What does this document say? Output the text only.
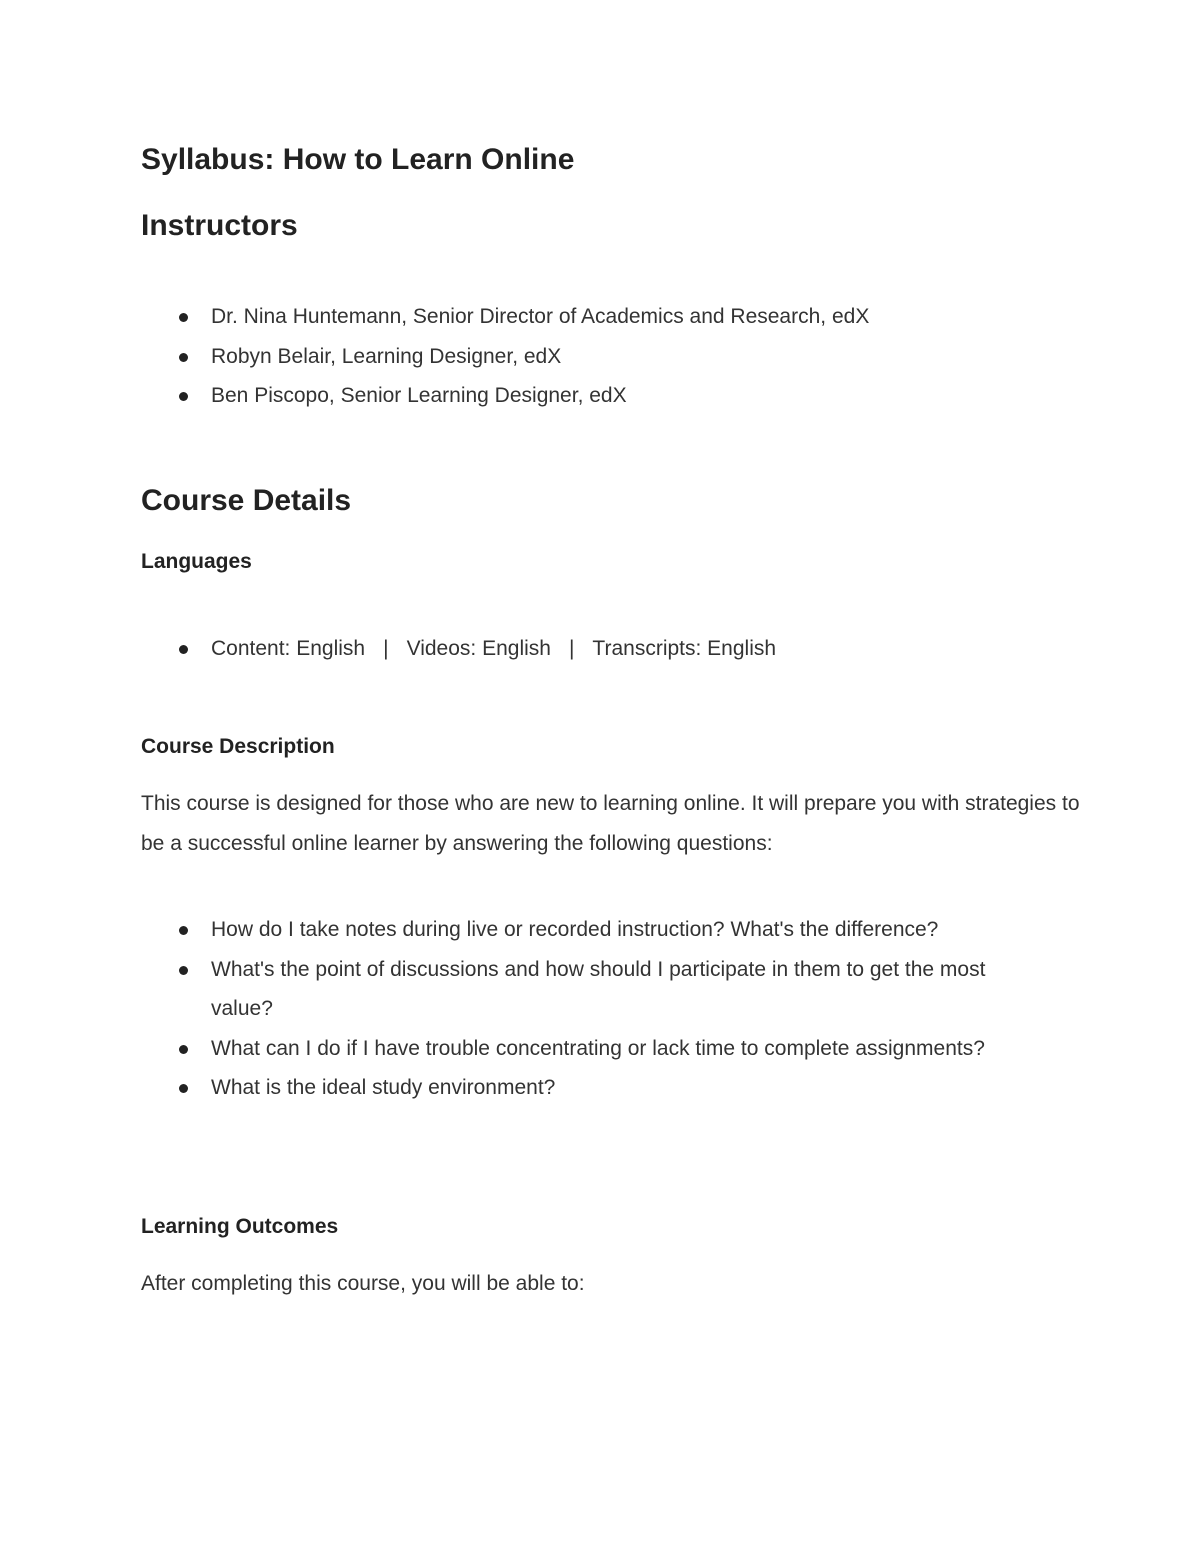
Syllabus: How to Learn Online
Instructors
Dr. Nina Huntemann, Senior Director of Academics and Research, edX
Robyn Belair, Learning Designer, edX
Ben Piscopo, Senior Learning Designer, edX
Course Details
Languages
Content: English | Videos: English | Transcripts: English
Course Description

This course is designed for those who are new to learning online. It will prepare you with strategies to be a successful online learner by answering the following questions:

How do I take notes during live or recorded instruction? What's the difference?
What's the point of discussions and how should I participate in them to get the most value?
What can I do if I have trouble concentrating or lack time to complete assignments?
What is the ideal study environment?
Learning Outcomes

After completing this course, you will be able to:
